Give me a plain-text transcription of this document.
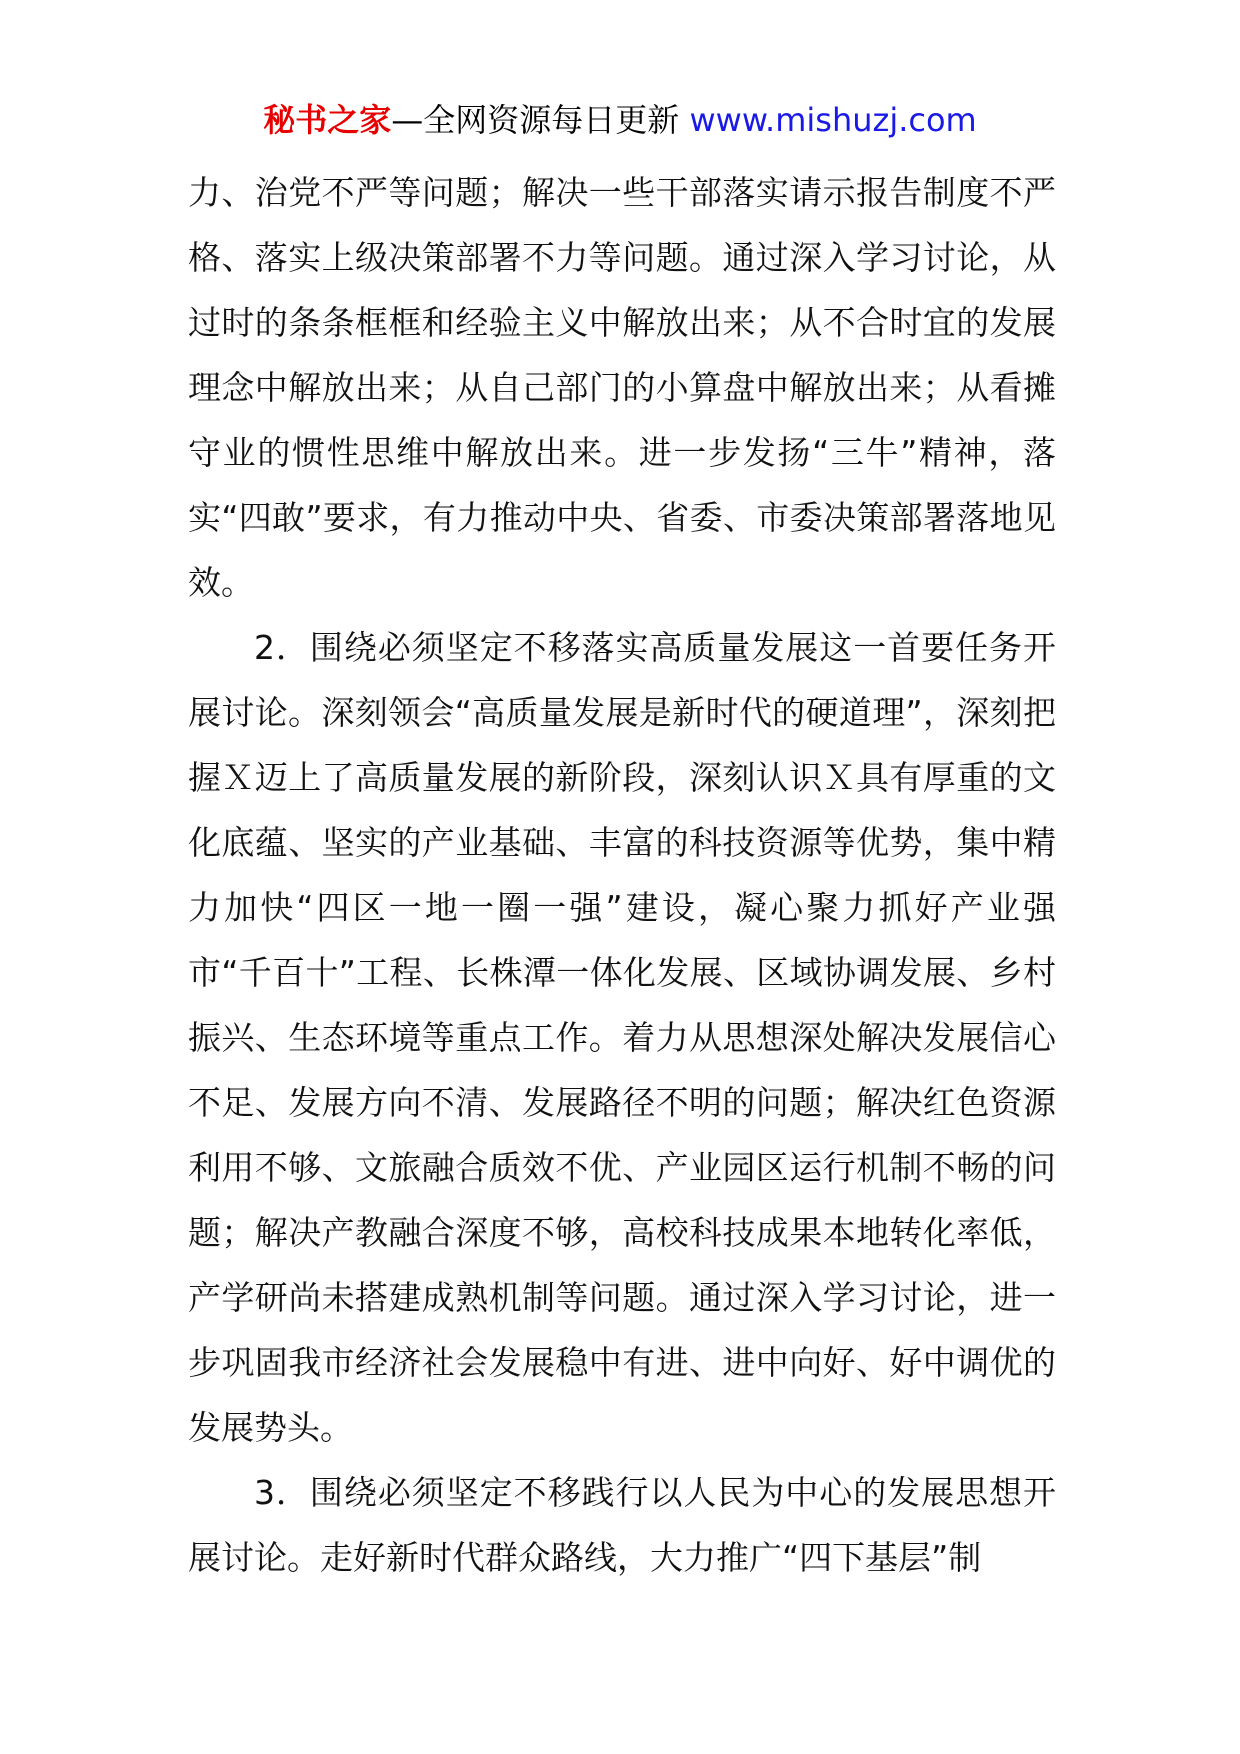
秘书之家—全网资源每日更新 www.mishuzj.com

力、治党不严等问题；解决一些干部落实请示报告制度不严格、落实上级决策部署不力等问题。通过深入学习讨论，从过时的条条框框和经验主义中解放出来；从不合时宜的发展理念中解放出来；从自己部门的小算盘中解放出来；从看摊守业的惯性思维中解放出来。进一步发扬“三牛”精神，落实“四敢”要求，有力推动中央、省委、市委决策部署落地见效。

2．围绕必须坚定不移落实高质量发展这一首要任务开展讨论。深刻领会“高质量发展是新时代的硬道理”，深刻把握Ｘ迈上了高质量发展的新阶段，深刻认识Ｘ具有厚重的文化底蕴、坚实的产业基础、丰富的科技资源等优势，集中精力加快“四区一地一圈一强”建设，凝心聚力抓好产业强市“千百十”工程、长株潭一体化发展、区域协调发展、乡村振兴、生态环境等重点工作。着力从思想深处解决发展信心不足、发展方向不清、发展路径不明的问题；解决红色资源利用不够、文旅融合质效不优、产业园区运行机制不畅的问题；解决产教融合深度不够，高校科技成果本地转化率低，产学研尚未搭建成熟机制等问题。通过深入学习讨论，进一步巩固我市经济社会发展稳中有进、进中向好、好中调优的发展势头。

3．围绕必须坚定不移践行以人民为中心的发展思想开展讨论。走好新时代群众路线，大力推广“四下基层”制
